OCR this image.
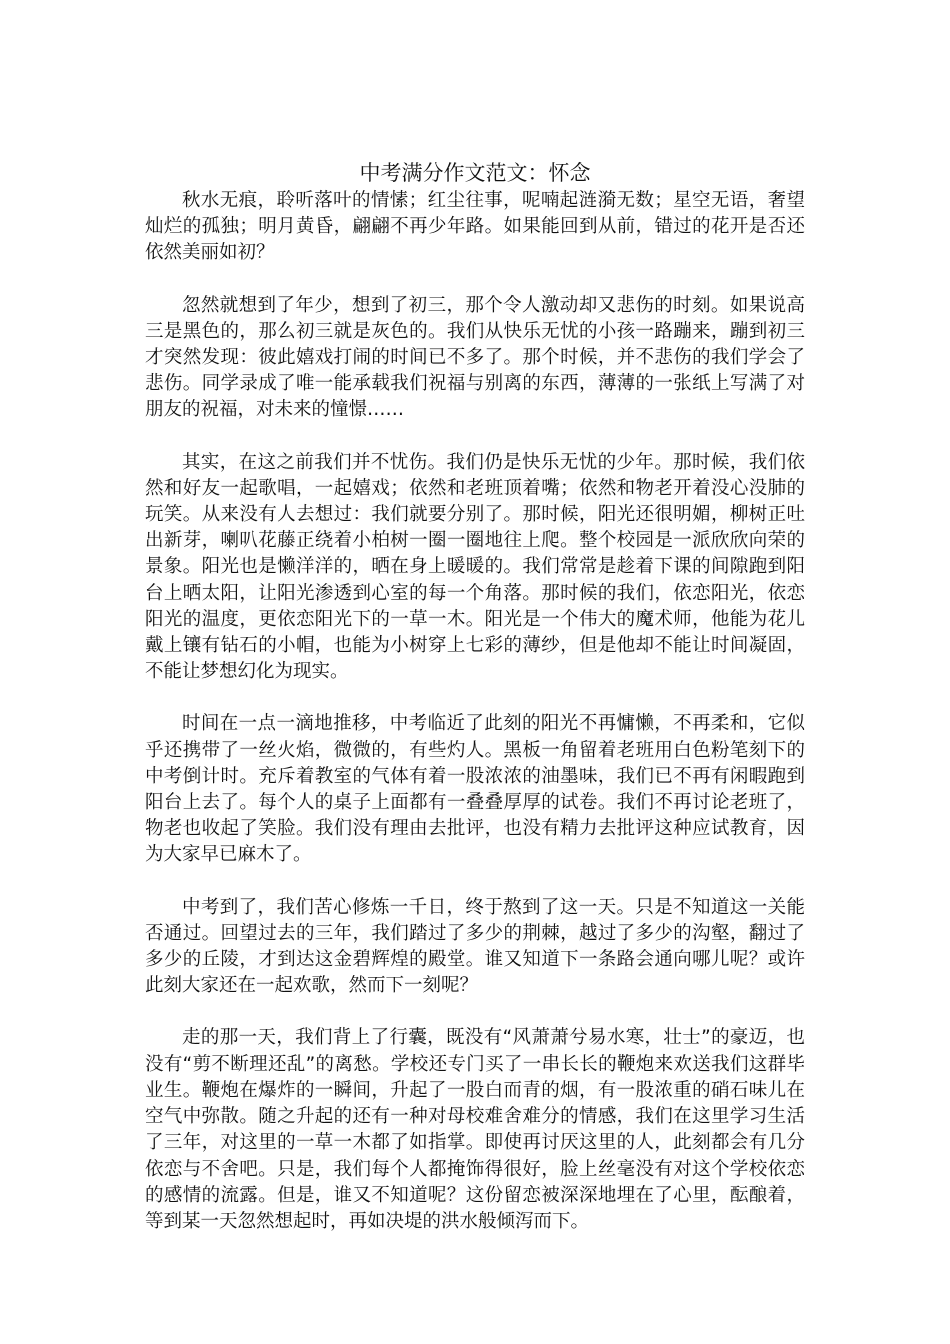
中考满分作文范文：怀念

秋水无痕，聆听落叶的情愫；红尘往事，呢喃起涟漪无数；星空无语，奢望灿烂的孤独；明月黄昏，翩翩不再少年路。如果能回到从前，错过的花开是否还依然美丽如初？

忽然就想到了年少，想到了初三，那个令人激动却又悲伤的时刻。如果说高三是黑色的，那么初三就是灰色的。我们从快乐无忧的小孩一路蹦来，蹦到初三才突然发现：彼此嬉戏打闹的时间已不多了。那个时候，并不悲伤的我们学会了悲伤。同学录成了唯一能承载我们祝福与别离的东西，薄薄的一张纸上写满了对朋友的祝福，对未来的憧憬……

其实，在这之前我们并不忧伤。我们仍是快乐无忧的少年。那时候，我们依然和好友一起歌唱，一起嬉戏；依然和老班顶着嘴；依然和物老开着没心没肺的玩笑。从来没有人去想过：我们就要分别了。那时候，阳光还很明媚，柳树正吐出新芽，喇叭花藤正绕着小柏树一圈一圈地往上爬。整个校园是一派欣欣向荣的景象。阳光也是懒洋洋的，晒在身上暖暖的。我们常常是趁着下课的间隙跑到阳台上晒太阳，让阳光渗透到心室的每一个角落。那时候的我们，依恋阳光，依恋阳光的温度，更依恋阳光下的一草一木。阳光是一个伟大的魔术师，他能为花儿戴上镶有钻石的小帽，也能为小树穿上七彩的薄纱，但是他却不能让时间凝固，不能让梦想幻化为现实。

时间在一点一滴地推移，中考临近了此刻的阳光不再慵懒，不再柔和，它似乎还携带了一丝火焰，微微的，有些灼人。黑板一角留着老班用白色粉笔刻下的中考倒计时。充斥着教室的气体有着一股浓浓的油墨味，我们已不再有闲暇跑到阳台上去了。每个人的桌子上面都有一叠叠厚厚的试卷。我们不再讨论老班了，物老也收起了笑脸。我们没有理由去批评，也没有精力去批评这种应试教育，因为大家早已麻木了。

中考到了，我们苦心修炼一千日，终于熬到了这一天。只是不知道这一关能否通过。回望过去的三年，我们踏过了多少的荆棘，越过了多少的沟壑，翻过了多少的丘陵，才到达这金碧辉煌的殿堂。谁又知道下一条路会通向哪儿呢？或许此刻大家还在一起欢歌，然而下一刻呢？

走的那一天，我们背上了行囊，既没有“风萧萧兮易水寒，壮士”的豪迈，也没有“剪不断理还乱”的离愁。学校还专门买了一串长长的鞭炮来欢送我们这群毕业生。鞭炮在爆炸的一瞬间，升起了一股白而青的烟，有一股浓重的硝石味儿在空气中弥散。随之升起的还有一种对母校难舍难分的情感，我们在这里学习生活了三年，对这里的一草一木都了如指掌。即使再讨厌这里的人，此刻都会有几分依恋与不舍吧。只是，我们每个人都掩饰得很好，脸上丝毫没有对这个学校依恋的感情的流露。但是，谁又不知道呢？这份留恋被深深地埋在了心里，酝酿着，等到某一天忽然想起时，再如决堤的洪水般倾泻而下。
